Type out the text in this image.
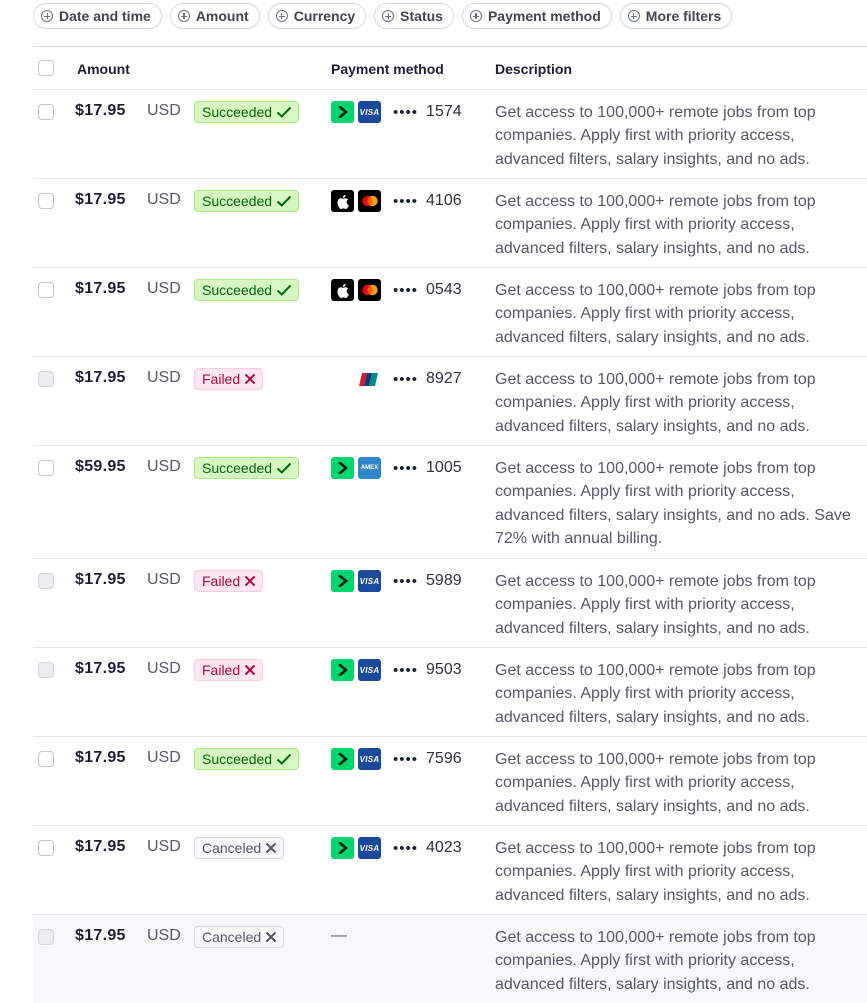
Date and time	Amount	Currency	Status	Payment method	More filters
Amount	Payment method	Description
$17.95 USD Succeeded	VISA •••• 1574 Get access to 100,000+ remote jobs from top companies. Apply first with priority access, advanced filters, salary insights, and no ads.
$17.95 USD Succeeded	•••• 4106 Get access to 100,000+ remote jobs from top companies. Apply first with priority access, advanced filters, salary insights, and no ads.
$17.95 USD Succeeded	•••• 0543 Get access to 100,000+ remote jobs from top companies. Apply first with priority access, advanced filters, salary insights, and no ads.
$17.95 USD Failed	•••• 8927 Get access to 100,000+ remote jobs from top companies. Apply first with priority access, advanced filters, salary insights, and no ads.
$59.95 USD Succeeded	AMEX •••• 1005 Get access to 100,000+ remote jobs from top companies. Apply first with priority access, advanced filters, salary insights, and no ads. Save 72% with annual billing.
$17.95 USD Failed	VISA •••• 5989 Get access to 100,000+ remote jobs from top companies. Apply first with priority access, advanced filters, salary insights, and no ads.
$17.95 USD Failed	VISA •••• 9503 Get access to 100,000+ remote jobs from top companies. Apply first with priority access, advanced filters, salary insights, and no ads.
$17.95 USD Succeeded	VISA •••• 7596 Get access to 100,000+ remote jobs from top companies. Apply first with priority access, advanced filters, salary insights, and no ads.
$17.95 USD Canceled	VISA •••• 4023 Get access to 100,000+ remote jobs from top companies. Apply first with priority access, advanced filters, salary insights, and no ads.
$17.95 USD Canceled	—	Get access to 100,000+ remote jobs from top companies. Apply first with priority access, advanced filters, salary insights, and no ads.
